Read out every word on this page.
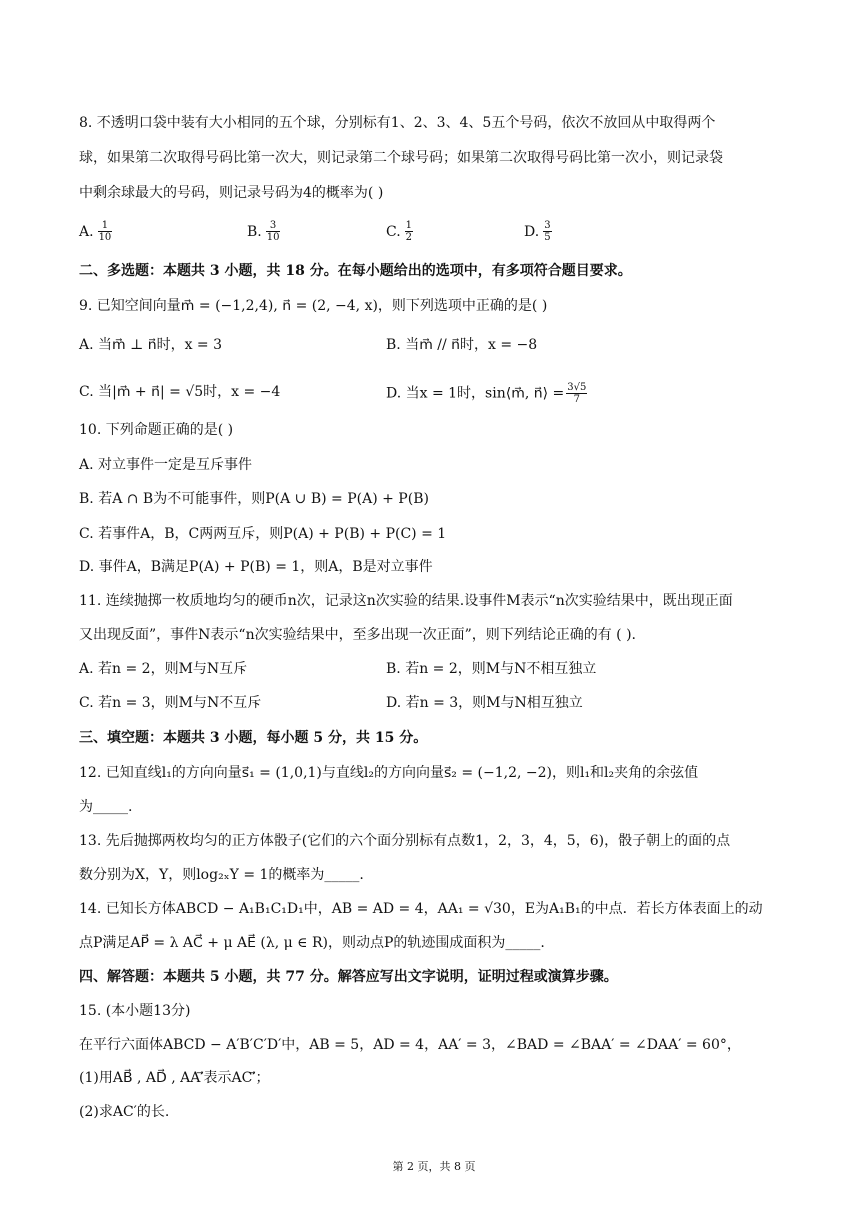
8. 不透明口袋中装有大小相同的五个球，分别标有1、2、3、4、5五个号码，依次不放回从中取得两个
球，如果第二次取得号码比第一次大，则记录第二个球号码；如果第二次取得号码比第一次小，则记录袋
中剩余球最大的号码，则记录号码为4的概率为( )
A. $\frac{1}{10}$	B. $\frac{3}{10}$	C. $\frac{1}{2}$	D. $\frac{3}{5}$
二、多选题：本题共 3 小题，共 18 分。在每小题给出的选项中，有多项符合题目要求。
9. 已知空间向量m⃗ = (−1,2,4), n⃗ = (2, −4, x)，则下列选项中正确的是( )
A. 当m⃗ ⊥ n⃗时，x = 3	B. 当m⃗ // n⃗时，x = −8
C. 当|m⃗ + n⃗| = √5时，x = −4	D. 当x = 1时，sin⟨m⃗, n⃗⟩ = $\frac{3√5}{7}$
10. 下列命题正确的是( )
A. 对立事件一定是互斥事件
B. 若A ∩ B为不可能事件，则P(A ∪ B) = P(A) + P(B)
C. 若事件A，B，C两两互斥，则P(A) + P(B) + P(C) = 1
D. 事件A，B满足P(A) + P(B) = 1，则A，B是对立事件
11. 连续抛掷一枚质地均匀的硬币n次，记录这n次实验的结果.设事件M表示“n次实验结果中，既出现正面
又出现反面”，事件N表示“n次实验结果中，至多出现一次正面”，则下列结论正确的有 ( ).
A. 若n = 2，则M与N互斥	B. 若n = 2，则M与N不相互独立
C. 若n = 3，则M与N不互斥	D. 若n = 3，则M与N相互独立
三、填空题：本题共 3 小题，每小题 5 分，共 15 分。
12. 已知直线l₁的方向向量s⃗₁ = (1,0,1)与直线l₂的方向向量s⃗₂ = (−1,2, −2)，则l₁和l₂夹角的余弦值
为_____.
13. 先后抛掷两枚均匀的正方体骰子(它们的六个面分别标有点数1，2，3，4，5，6)，骰子朝上的面的点
数分别为X，Y，则log₂ₓY = 1的概率为_____.
14. 已知长方体ABCD − A₁B₁C₁D₁中，AB = AD = 4，AA₁ = √30，E为A₁B₁的中点．若长方体表面上的动
点P满足AP⃗ = λ AC⃗ + μ AE⃗ (λ, μ ∈ R)，则动点P的轨迹围成面积为_____.
四、解答题：本题共 5 小题，共 77 分。解答应写出文字说明，证明过程或演算步骤。
15. (本小题13分)
在平行六面体ABCD − A′B′C′D′中，AB = 5，AD = 4，AA′ = 3，∠BAD = ∠BAA′ = ∠DAA′ = 60°，
(1)用AB⃗ , AD⃗ , AA′⃗表示AC′⃗；
(2)求AC′的长.
第 2 页，共 8 页
